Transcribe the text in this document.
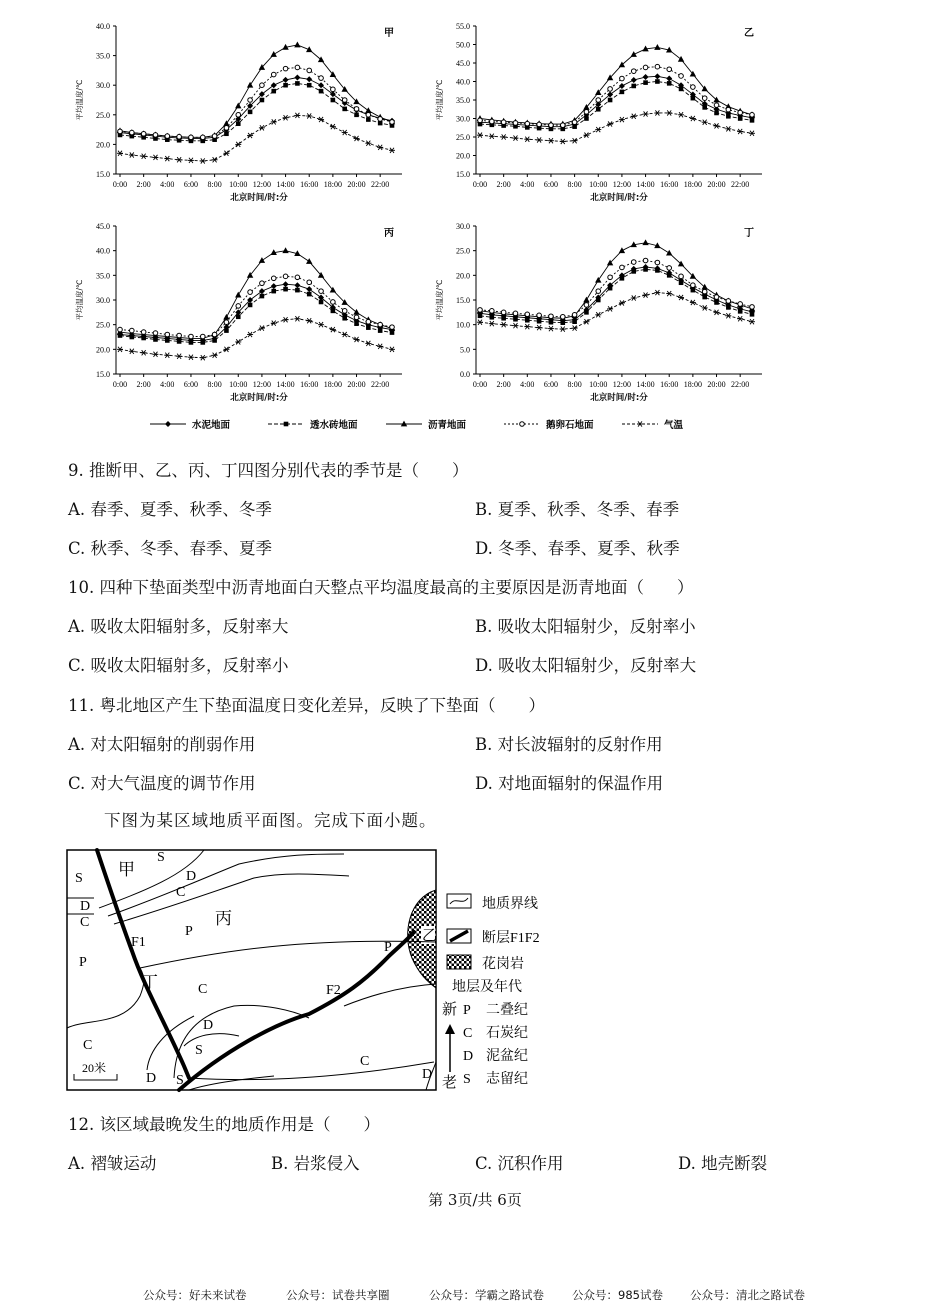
15.0
20.0
25.0
30.0
35.0
40.0
0:00 2:00 4:00 6:00 8:00 10:00 12:00 14:00 16:00 18:00 20:00 22:00
北京时间/时:分
平均温度/℃
甲
15.0
20.0
25.0
30.0
35.0
40.0
45.0
50.0
55.0
0:00 2:00 4:00 6:00 8:00 10:00 12:00 14:00 16:00 18:00 20:00 22:00
北京时间/时:分
平均温度/℃
乙
15.0
20.0
25.0
30.0
35.0
40.0
45.0
0:00 2:00 4:00 6:00 8:00 10:00 12:00 14:00 16:00 18:00 20:00 22:00
北京时间/时:分
平均温度/℃
丙
0.0
5.0
10.0
15.0
20.0
25.0
30.0
0:00 2:00 4:00 6:00 8:00 10:00 12:00 14:00 16:00 18:00 20:00 22:00
北京时间/时:分
平均温度/℃
丁
水泥地面	透水砖地面	沥青地面	鹅卵石地面	气温
9. 推断甲、乙、丙、丁四图分别代表的季节是（　　）
A. 春季、夏季、秋季、冬季	B. 夏季、秋季、冬季、春季
C. 秋季、冬季、春季、夏季	D. 冬季、春季、夏季、秋季
10. 四种下垫面类型中沥青地面白天整点平均温度最高的主要原因是沥青地面（　　）
A. 吸收太阳辐射多，反射率大	B. 吸收太阳辐射少，反射率小
C. 吸收太阳辐射多，反射率小	D. 吸收太阳辐射少，反射率大
11. 粤北地区产生下垫面温度日变化差异，反映了下垫面（　　）
A. 对太阳辐射的削弱作用	B. 对长波辐射的反射作用
C. 对大气温度的调节作用	D. 对地面辐射的保温作用
下图为某区域地质平面图。完成下面小题。
乙
S
D
C
S
D
C
P
P
C
P
D
S
C
D S
C
D
F1
F2
甲
丙
丁
20米
地质界线
断层F1F2
花岗岩
地层及年代
新
老
P 二叠纪
C 石炭纪
D 泥盆纪
S 志留纪
12. 该区域最晚发生的地质作用是（　　）
A. 褶皱运动	B. 岩浆侵入	C. 沉积作用	D. 地壳断裂
第 3页/共 6页
公众号：好未来试卷	公众号：试卷共享圈	公众号：学霸之路试卷 公众号：985试卷 公众号：清北之路试卷
